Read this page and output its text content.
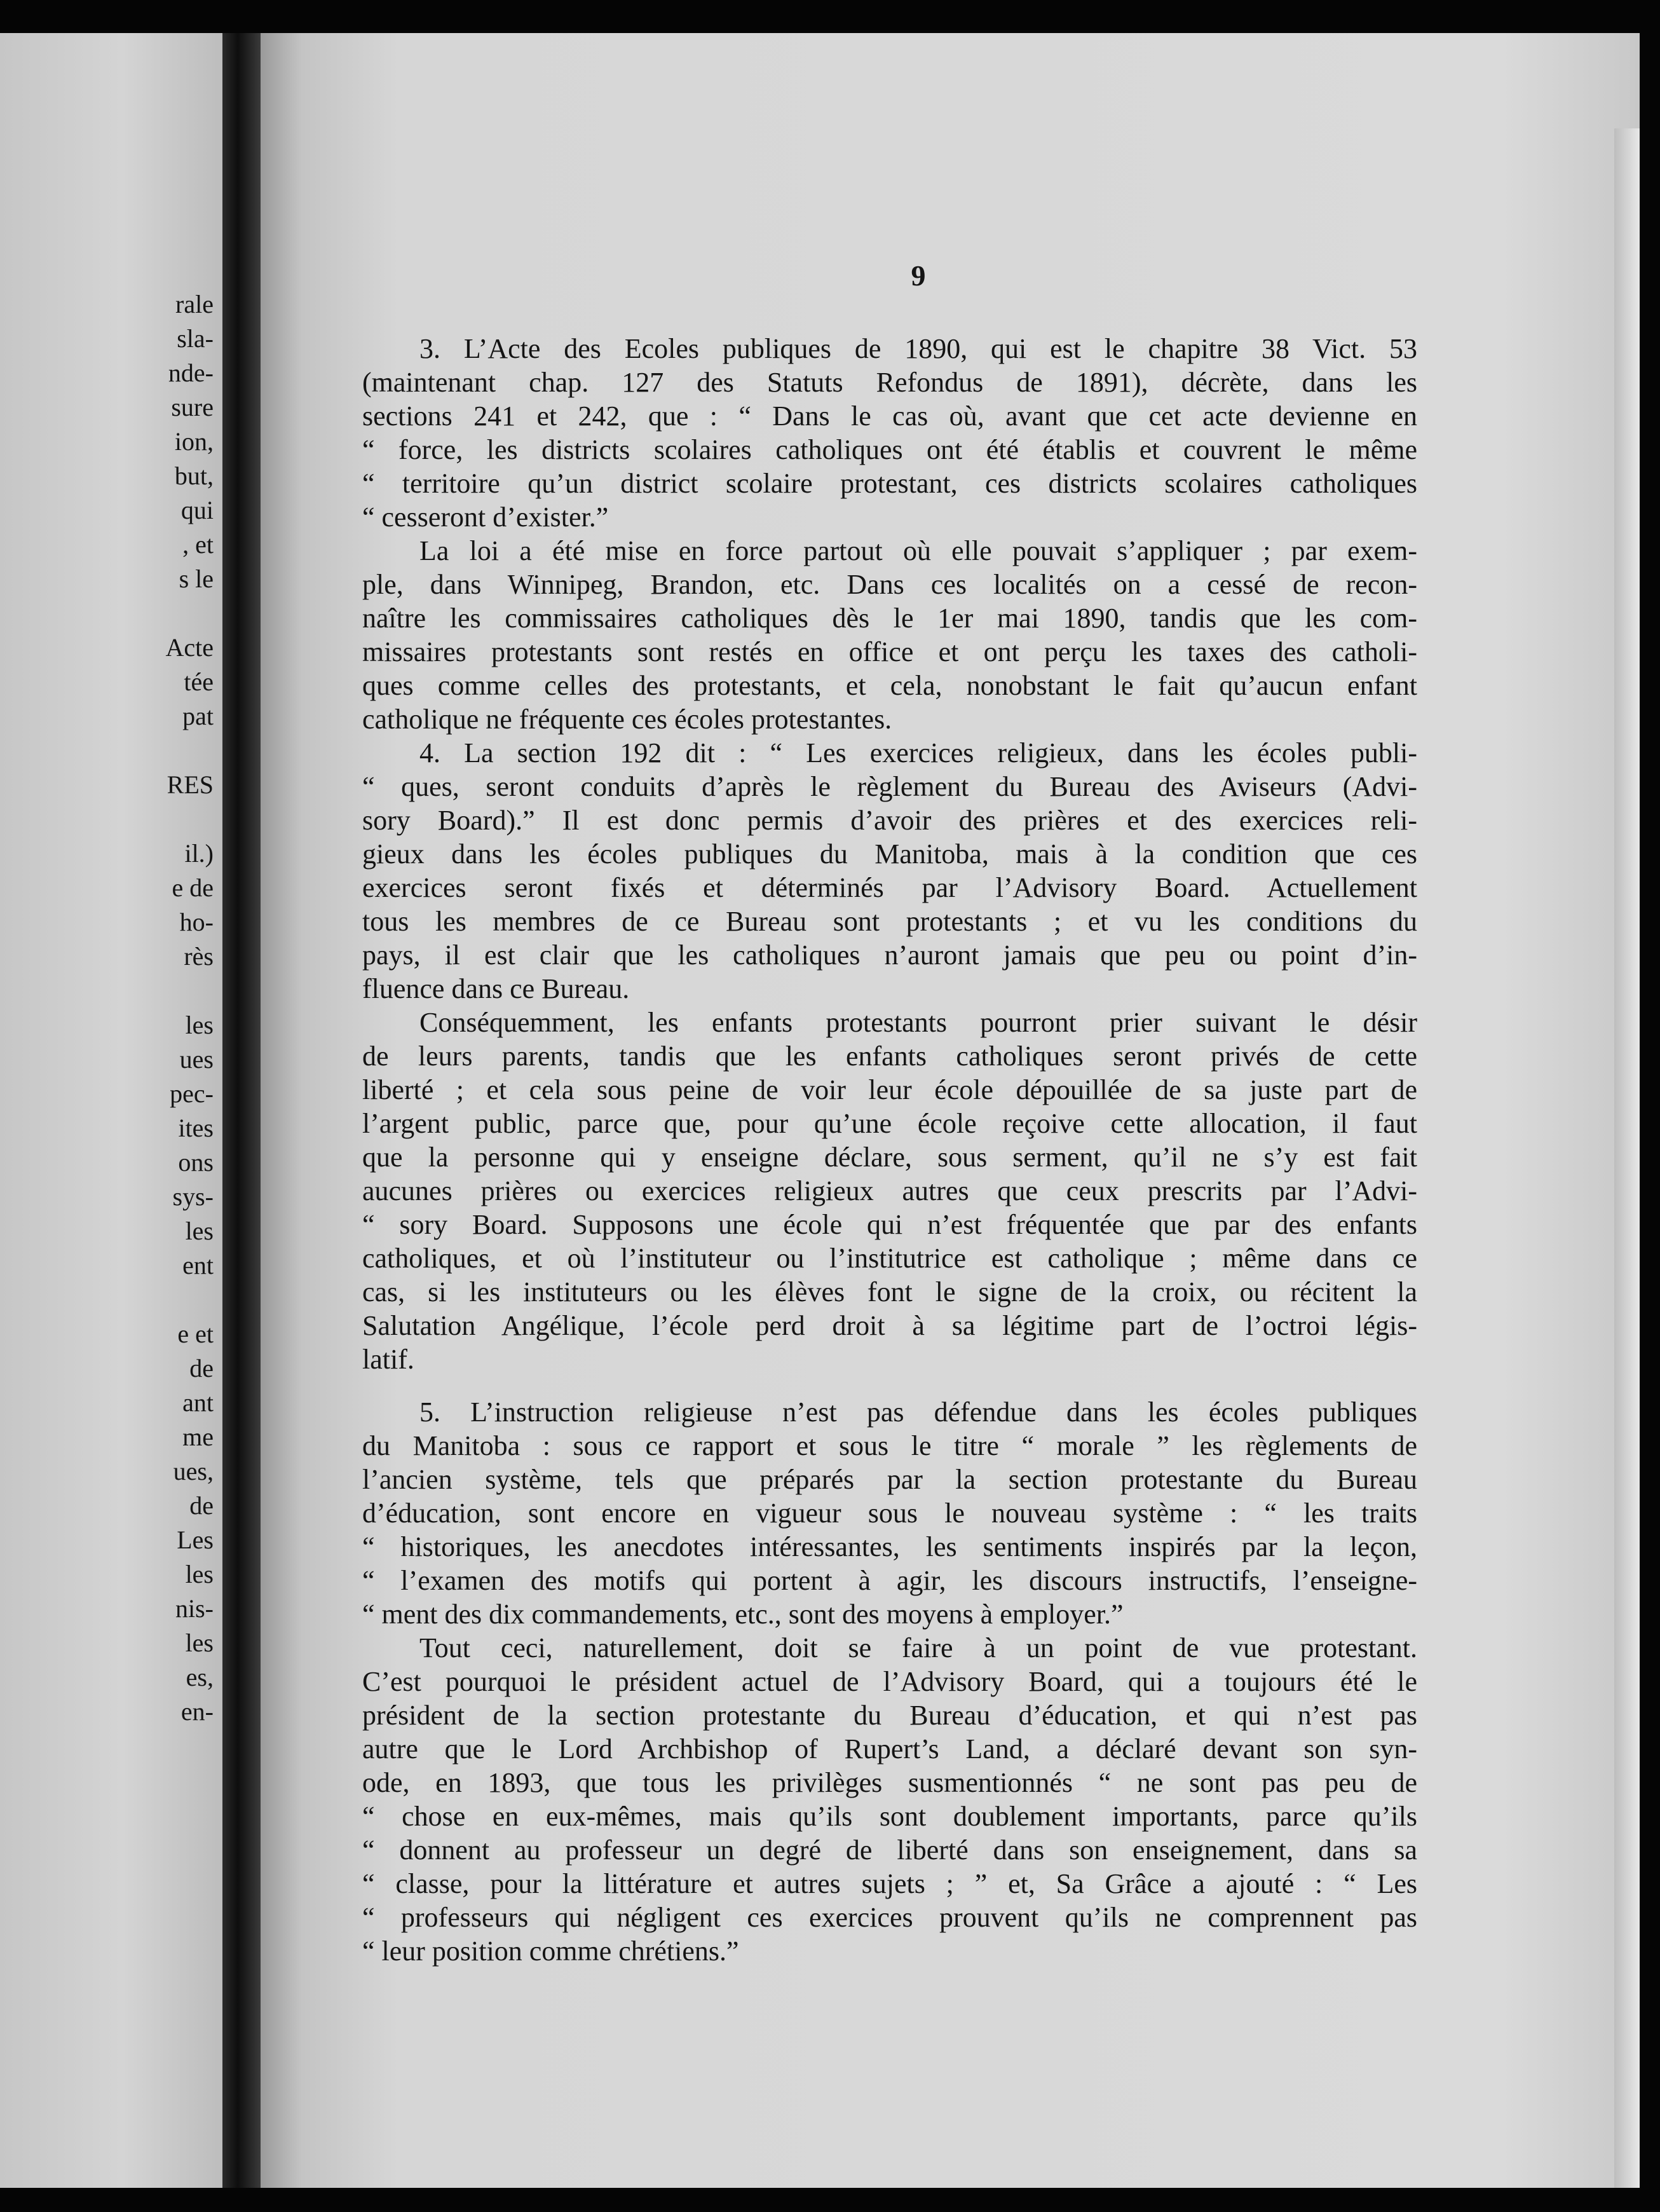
rale
sla-
nde-
sure
ion,
but,
qui
, et
s le
Acte
tée
pat
RES
il.)
e de
ho-
rès
les
ues
pec-
ites
ons
sys-
les
ent
e et
de
ant
me
ues,
de
Les
les
nis-
les
es,
en-
9
3. L’Acte des Ecoles publiques de 1890, qui est le chapitre 38 Vict. 53
(maintenant chap. 127 des Statuts Refondus de 1891), décrète, dans les
sections 241 et 242, que : “ Dans le cas où, avant que cet acte devienne en
“ force, les districts scolaires catholiques ont été établis et couvrent le même
“ territoire qu’un district scolaire protestant, ces districts scolaires catholiques
“ cesseront d’exister.”
La loi a été mise en force partout où elle pouvait s’appliquer ; par exem-
ple, dans Winnipeg, Brandon, etc. Dans ces localités on a cessé de recon-
naître les commissaires catholiques dès le 1er mai 1890, tandis que les com-
missaires protestants sont restés en office et ont perçu les taxes des catholi-
ques comme celles des protestants, et cela, nonobstant le fait qu’aucun enfant
catholique ne fréquente ces écoles protestantes.
4. La section 192 dit : “ Les exercices religieux, dans les écoles publi-
“ ques, seront conduits d’après le règlement du Bureau des Aviseurs (Advi-
sory Board).” Il est donc permis d’avoir des prières et des exercices reli-
gieux dans les écoles publiques du Manitoba, mais à la condition que ces
exercices seront fixés et déterminés par l’Advisory Board. Actuellement
tous les membres de ce Bureau sont protestants ; et vu les conditions du
pays, il est clair que les catholiques n’auront jamais que peu ou point d’in-
fluence dans ce Bureau.
Conséquemment, les enfants protestants pourront prier suivant le désir
de leurs parents, tandis que les enfants catholiques seront privés de cette
liberté ; et cela sous peine de voir leur école dépouillée de sa juste part de
l’argent public, parce que, pour qu’une école reçoive cette allocation, il faut
que la personne qui y enseigne déclare, sous serment, qu’il ne s’y est fait
aucunes prières ou exercices religieux autres que ceux prescrits par l’Advi-
“ sory Board. Supposons une école qui n’est fréquentée que par des enfants
catholiques, et où l’instituteur ou l’institutrice est catholique ; même dans ce
cas, si les instituteurs ou les élèves font le signe de la croix, ou récitent la
Salutation Angélique, l’école perd droit à sa légitime part de l’octroi légis-
latif.
5. L’instruction religieuse n’est pas défendue dans les écoles publiques
du Manitoba : sous ce rapport et sous le titre “ morale ” les règlements de
l’ancien système, tels que préparés par la section protestante du Bureau
d’éducation, sont encore en vigueur sous le nouveau système : “ les traits
“ historiques, les anecdotes intéressantes, les sentiments inspirés par la leçon,
“ l’examen des motifs qui portent à agir, les discours instructifs, l’enseigne-
“ ment des dix commandements, etc., sont des moyens à employer.”
Tout ceci, naturellement, doit se faire à un point de vue protestant.
C’est pourquoi le président actuel de l’Advisory Board, qui a toujours été le
président de la section protestante du Bureau d’éducation, et qui n’est pas
autre que le Lord Archbishop of Rupert’s Land, a déclaré devant son syn-
ode, en 1893, que tous les privilèges susmentionnés “ ne sont pas peu de
“ chose en eux-mêmes, mais qu’ils sont doublement importants, parce qu’ils
“ donnent au professeur un degré de liberté dans son enseignement, dans sa
“ classe, pour la littérature et autres sujets ; ” et, Sa Grâce a ajouté : “ Les
“ professeurs qui négligent ces exercices prouvent qu’ils ne comprennent pas
“ leur position comme chrétiens.”
